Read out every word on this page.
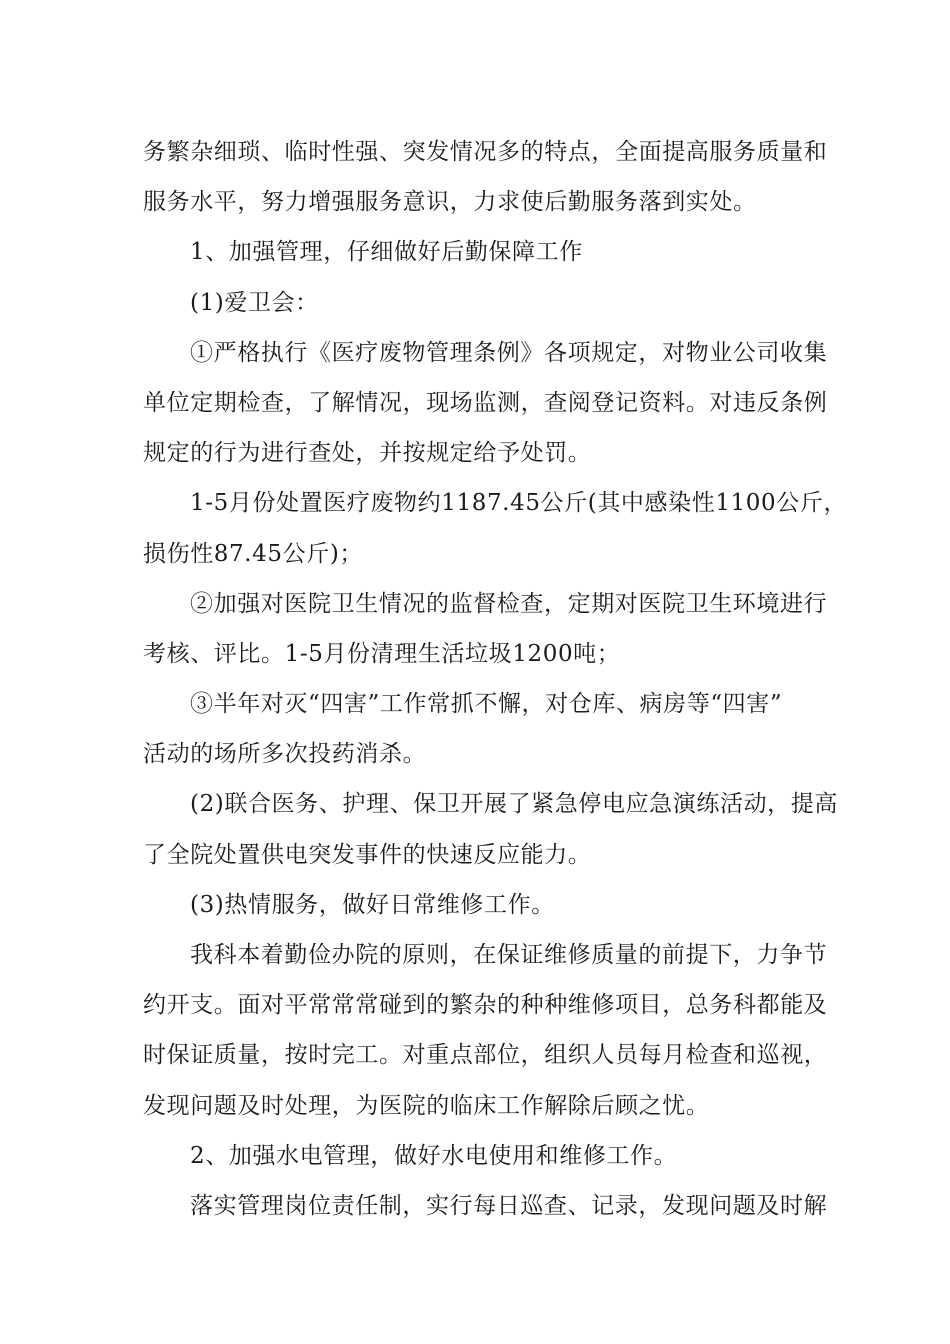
务繁杂细琐、临时性强、突发情况多的特点，全面提高服务质量和
服务水平，努力增强服务意识，力求使后勤服务落到实处。

1、加强管理，仔细做好后勤保障工作

(1)爱卫会：

①严格执行《医疗废物管理条例》各项规定，对物业公司收集
单位定期检查，了解情况，现场监测，查阅登记资料。对违反条例
规定的行为进行查处，并按规定给予处罚。

1-5月份处置医疗废物约1187.45公斤(其中感染性1100公斤，
损伤性87.45公斤)；

②加强对医院卫生情况的监督检查，定期对医院卫生环境进行
考核、评比。1-5月份清理生活垃圾1200吨；

③半年对灭“四害”工作常抓不懈，对仓库、病房等“四害”
活动的场所多次投药消杀。

(2)联合医务、护理、保卫开展了紧急停电应急演练活动，提高
了全院处置供电突发事件的快速反应能力。

(3)热情服务，做好日常维修工作。

我科本着勤俭办院的原则，在保证维修质量的前提下，力争节
约开支。面对平常常常碰到的繁杂的种种维修项目，总务科都能及
时保证质量，按时完工。对重点部位，组织人员每月检查和巡视，
发现问题及时处理，为医院的临床工作解除后顾之忧。

2、加强水电管理，做好水电使用和维修工作。

落实管理岗位责任制，实行每日巡查、记录，发现问题及时解
